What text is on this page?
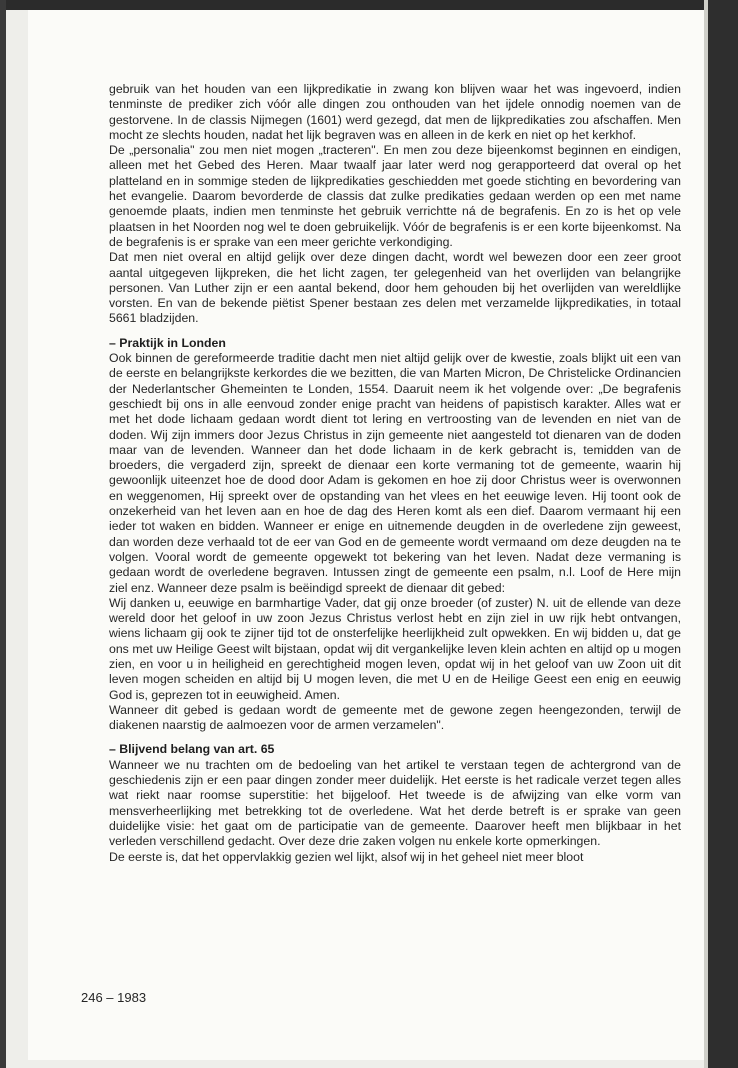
gebruik van het houden van een lijkpredikatie in zwang kon blijven waar het was ingevoerd, indien tenminste de prediker zich vóór alle dingen zou onthouden van het ijdele onnodig noemen van de gestorvene. In de classis Nijmegen (1601) werd gezegd, dat men de lijkpredikaties zou afschaffen. Men mocht ze slechts houden, nadat het lijk begraven was en alleen in de kerk en niet op het kerkhof.

De „personalia" zou men niet mogen „tracteren". En men zou deze bijeenkomst beginnen en eindigen, alleen met het Gebed des Heren. Maar twaalf jaar later werd nog gerapporteerd dat overal op het platteland en in sommige steden de lijkpredikaties geschiedden met goede stichting en bevordering van het evangelie. Daarom bevorderde de classis dat zulke predikaties gedaan werden op een met name genoemde plaats, indien men tenminste het gebruik verrichtte ná de begrafenis. En zo is het op vele plaatsen in het Noorden nog wel te doen gebruikelijk. Vóór de begrafenis is er een korte bijeenkomst. Na de begrafenis is er sprake van een meer gerichte verkondiging.

Dat men niet overal en altijd gelijk over deze dingen dacht, wordt wel bewezen door een zeer groot aantal uitgegeven lijkpreken, die het licht zagen, ter gelegenheid van het overlijden van belangrijke personen. Van Luther zijn er een aantal bekend, door hem gehouden bij het overlijden van wereldlijke vorsten. En van de bekende piëtist Spener bestaan zes delen met verzamelde lijkpredikaties, in totaal 5661 bladzijden.

– Praktijk in Londen

Ook binnen de gereformeerde traditie dacht men niet altijd gelijk over de kwestie, zoals blijkt uit een van de eerste en belangrijkste kerkordes die we bezitten, die van Marten Micron, De Christelicke Ordinancien der Nederlantscher Ghemeinten te Londen, 1554. Daaruit neem ik het volgende over: „De begrafenis geschiedt bij ons in alle eenvoud zonder enige pracht van heidens of papistisch karakter. Alles wat er met het dode lichaam gedaan wordt dient tot lering en vertroosting van de levenden en niet van de doden. Wij zijn immers door Jezus Christus in zijn gemeente niet aangesteld tot dienaren van de doden maar van de levenden. Wanneer dan het dode lichaam in de kerk gebracht is, temidden van de broeders, die vergaderd zijn, spreekt de dienaar een korte vermaning tot de gemeente, waarin hij gewoonlijk uiteenzet hoe de dood door Adam is gekomen en hoe zij door Christus weer is overwonnen en weggenomen, Hij spreekt over de opstanding van het vlees en het eeuwige leven. Hij toont ook de onzekerheid van het leven aan en hoe de dag des Heren komt als een dief. Daarom vermaant hij een ieder tot waken en bidden. Wanneer er enige en uitnemende deugden in de overledene zijn geweest, dan worden deze verhaald tot de eer van God en de gemeente wordt vermaand om deze deugden na te volgen. Vooral wordt de gemeente opgewekt tot bekering van het leven. Nadat deze vermaning is gedaan wordt de overledene begraven. Intussen zingt de gemeente een psalm, n.l. Loof de Here mijn ziel enz. Wanneer deze psalm is beëindigd spreekt de dienaar dit gebed:

Wij danken u, eeuwige en barmhartige Vader, dat gij onze broeder (of zuster) N. uit de ellende van deze wereld door het geloof in uw zoon Jezus Christus verlost hebt en zijn ziel in uw rijk hebt ontvangen, wiens lichaam gij ook te zijner tijd tot de onsterfelijke heerlijkheid zult opwekken. En wij bidden u, dat ge ons met uw Heilige Geest wilt bijstaan, opdat wij dit vergankelijke leven klein achten en altijd op u mogen zien, en voor u in heiligheid en gerechtigheid mogen leven, opdat wij in het geloof van uw Zoon uit dit leven mogen scheiden en altijd bij U mogen leven, die met U en de Heilige Geest een enig en eeuwig God is, geprezen tot in eeuwigheid. Amen.

Wanneer dit gebed is gedaan wordt de gemeente met de gewone zegen heengezonden, terwijl de diakenen naarstig de aalmoezen voor de armen verzamelen".

– Blijvend belang van art. 65

Wanneer we nu trachten om de bedoeling van het artikel te verstaan tegen de achtergrond van de geschiedenis zijn er een paar dingen zonder meer duidelijk. Het eerste is het radicale verzet tegen alles wat riekt naar roomse superstitie: het bijgeloof. Het tweede is de afwijzing van elke vorm van mensverheerlijking met betrekking tot de overledene. Wat het derde betreft is er sprake van geen duidelijke visie: het gaat om de participatie van de gemeente. Daarover heeft men blijkbaar in het verleden verschillend gedacht. Over deze drie zaken volgen nu enkele korte opmerkingen.

De eerste is, dat het oppervlakkig gezien wel lijkt, alsof wij in het geheel niet meer bloot

246 – 1983
